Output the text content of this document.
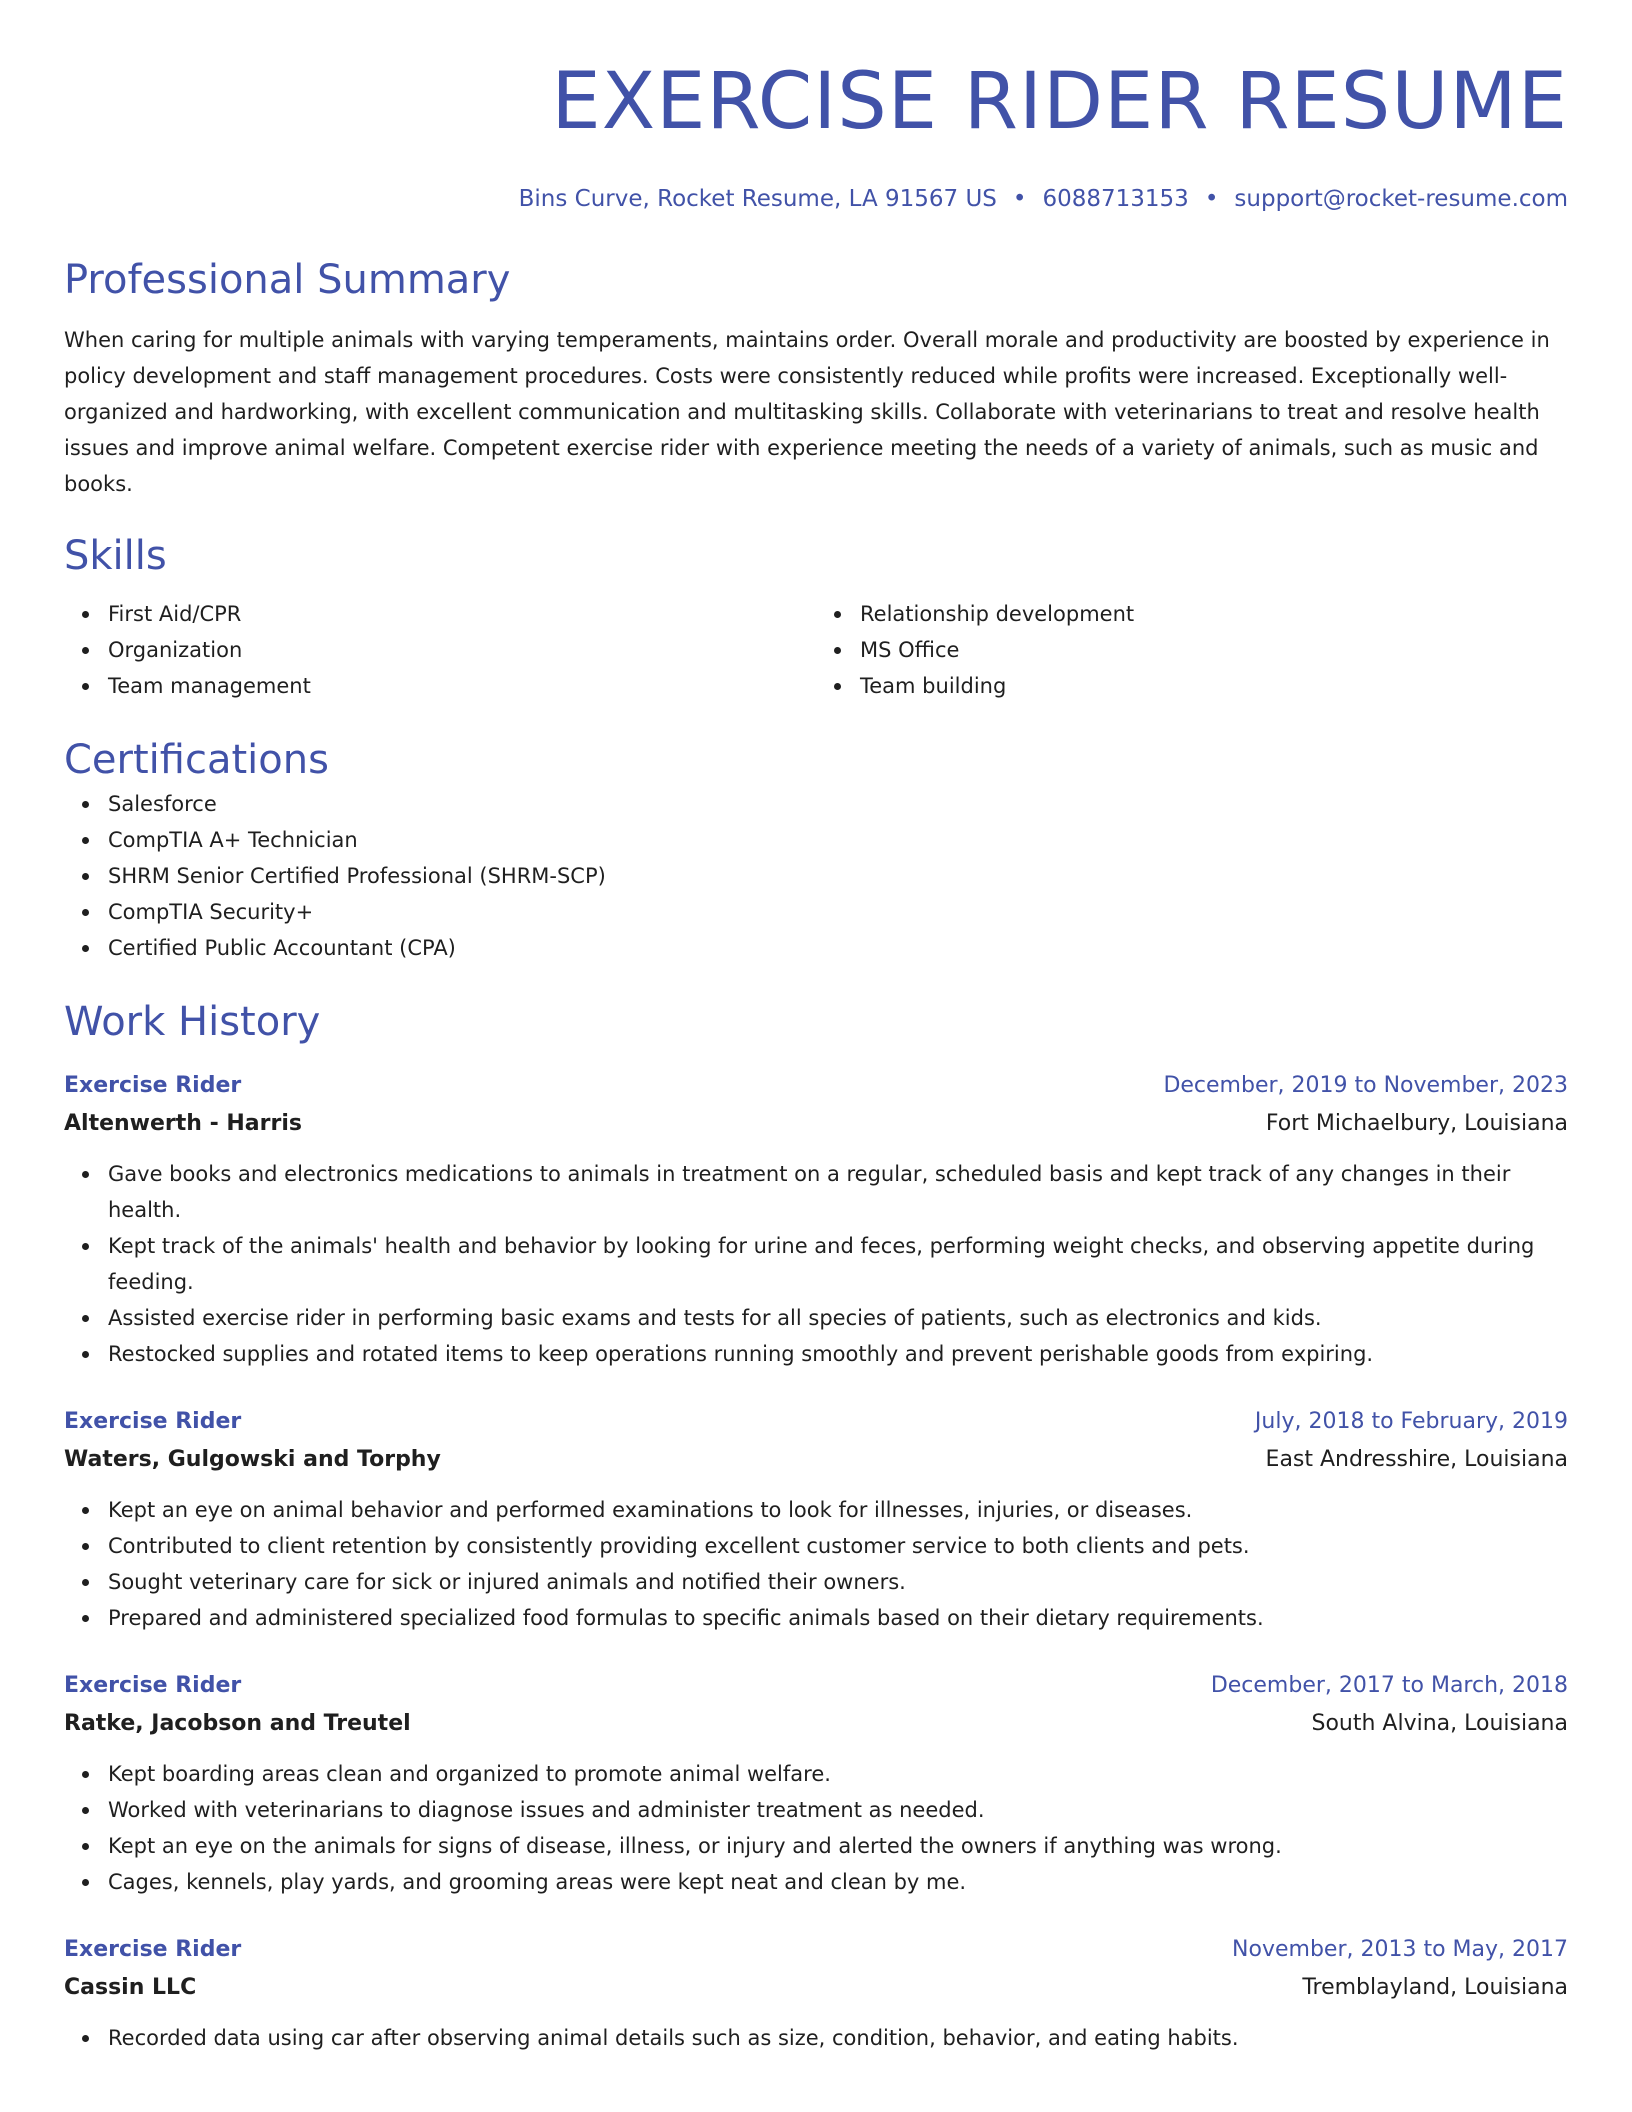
EXERCISE RIDER RESUME
Bins Curve, Rocket Resume, LA 91567 US • 6088713153 • support@rocket-resume.com
Professional Summary

When caring for multiple animals with varying temperaments, maintains order. Overall morale and productivity are boosted by experience in policy development and staff management procedures. Costs were consistently reduced while profits were increased. Exceptionally well-organized and hardworking, with excellent communication and multitasking skills. Collaborate with veterinarians to treat and resolve health issues and improve animal welfare. Competent exercise rider with experience meeting the needs of a variety of animals, such as music and books.

Skills
First Aid/CPR
Organization
Team management
Relationship development
MS Office
Team building
Certifications
Salesforce
CompTIA A+ Technician
SHRM Senior Certified Professional (SHRM-SCP)
CompTIA Security+
Certified Public Accountant (CPA)
Work History
Exercise Rider	December, 2019 to November, 2023
Altenwerth - Harris	Fort Michaelbury, Louisiana
Gave books and electronics medications to animals in treatment on a regular, scheduled basis and kept track of any changes in their health.
Kept track of the animals' health and behavior by looking for urine and feces, performing weight checks, and observing appetite during feeding.
Assisted exercise rider in performing basic exams and tests for all species of patients, such as electronics and kids.
Restocked supplies and rotated items to keep operations running smoothly and prevent perishable goods from expiring.
Exercise Rider	July, 2018 to February, 2019
Waters, Gulgowski and Torphy	East Andresshire, Louisiana
Kept an eye on animal behavior and performed examinations to look for illnesses, injuries, or diseases.
Contributed to client retention by consistently providing excellent customer service to both clients and pets.
Sought veterinary care for sick or injured animals and notified their owners.
Prepared and administered specialized food formulas to specific animals based on their dietary requirements.
Exercise Rider	December, 2017 to March, 2018
Ratke, Jacobson and Treutel	South Alvina, Louisiana
Kept boarding areas clean and organized to promote animal welfare.
Worked with veterinarians to diagnose issues and administer treatment as needed.
Kept an eye on the animals for signs of disease, illness, or injury and alerted the owners if anything was wrong.
Cages, kennels, play yards, and grooming areas were kept neat and clean by me.
Exercise Rider	November, 2013 to May, 2017
Cassin LLC	Tremblayland, Louisiana
Recorded data using car after observing animal details such as size, condition, behavior, and eating habits.
